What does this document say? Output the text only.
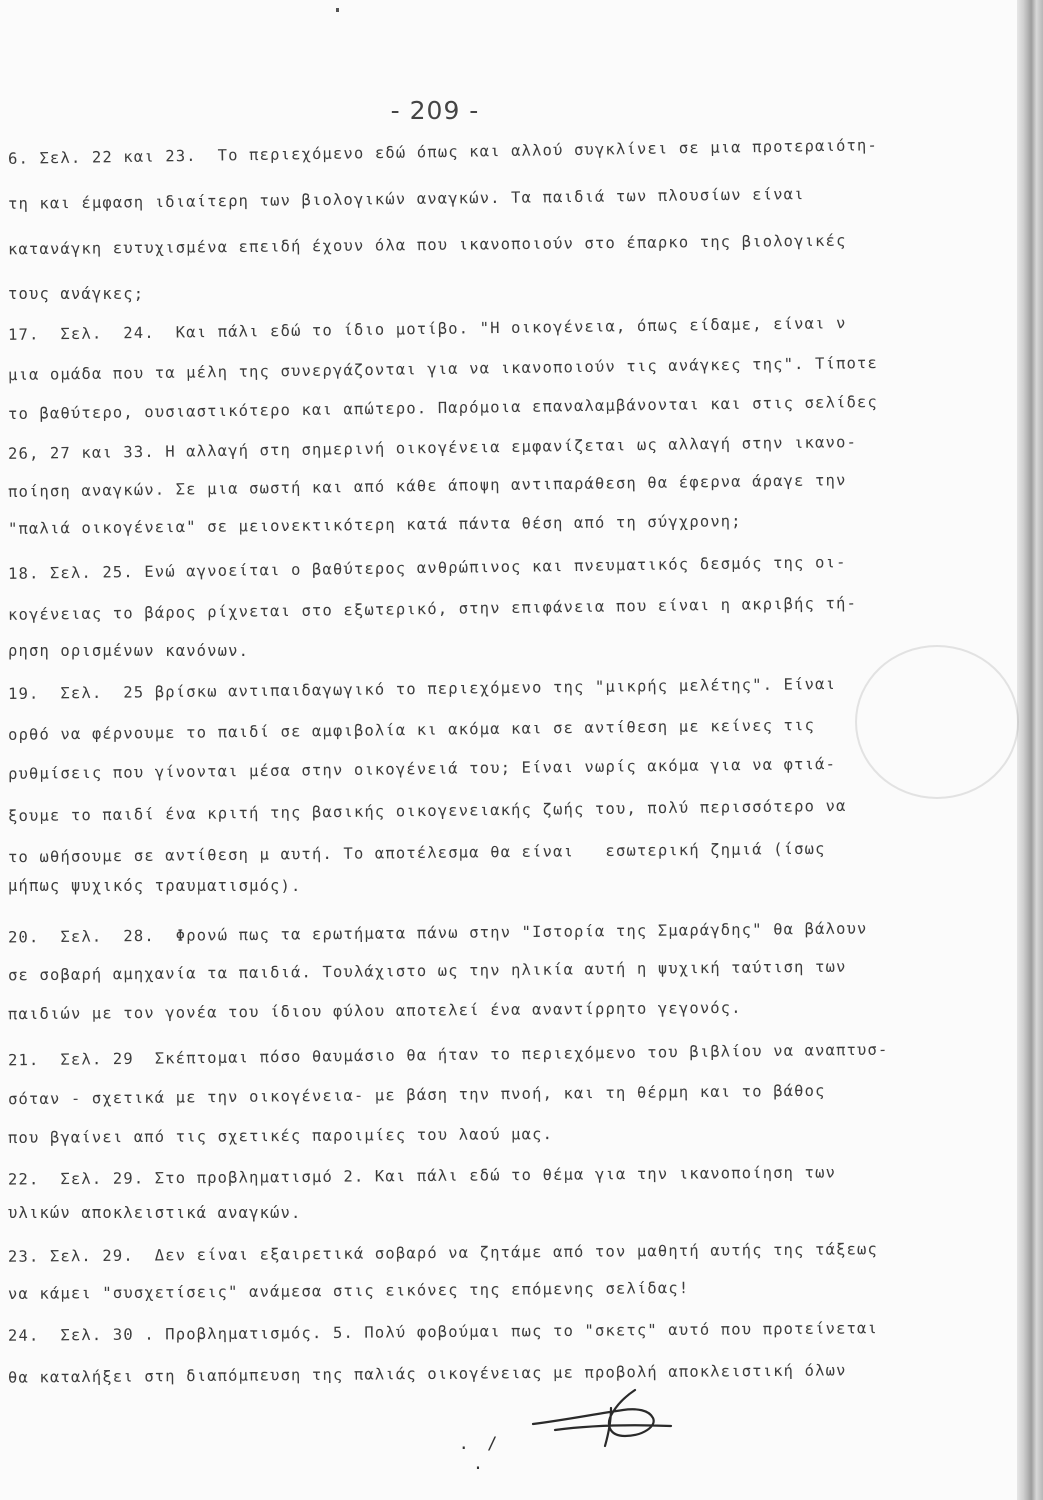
- 209 -
6. Σελ. 22 και 23.  Το περιεχόμενο εδώ όπως και αλλού συγκλίνει σε μια προτεραιότη-
τη και έμφαση ιδιαίτερη των βιολογικών αναγκών. Τα παιδιά των πλουσίων είναι
κατανάγκη ευτυχισμένα επειδή έχουν όλα που ικανοποιούν στο έπαρκο της βιολογικές
τους ανάγκες;
17.  Σελ.  24.  Και πάλι εδώ το ίδιο μοτίβο. "Η οικογένεια, όπως είδαμε, είναι ν
μια ομάδα που τα μέλη της συνεργάζονται για να ικανοποιούν τις ανάγκες της". Τίποτε
το βαθύτερο, ουσιαστικότερο και απώτερο. Παρόμοια επαναλαμβάνονται και στις σελίδες
26, 27 και 33. Η αλλαγή στη σημερινή οικογένεια εμφανίζεται ως αλλαγή στην ικανο-
ποίηση αναγκών. Σε μια σωστή και από κάθε άποψη αντιπαράθεση θα έφερνα άραγε την
"παλιά οικογένεια" σε μειονεκτικότερη κατά πάντα θέση από τη σύγχρονη;
18. Σελ. 25. Ενώ αγνοείται ο βαθύτερος ανθρώπινος και πνευματικός δεσμός της οι-
κογένειας το βάρος ρίχνεται στο εξωτερικό, στην επιφάνεια που είναι η ακριβής τή-
ρηση ορισμένων κανόνων.
19.  Σελ.  25 βρίσκω αντιπαιδαγωγικό το περιεχόμενο της "μικρής μελέτης". Είναι
ορθό να φέρνουμε το παιδί σε αμφιβολία κι ακόμα και σε αντίθεση με κείνες τις
ρυθμίσεις που γίνονται μέσα στην οικογένειά του; Είναι νωρίς ακόμα για να φτιά-
ξουμε το παιδί ένα κριτή της βασικής οικογενειακής ζωής του, πολύ περισσότερο να
το ωθήσουμε σε αντίθεση μ αυτή. Το αποτέλεσμα θα είναι   εσωτερική ζημιά (ίσως
μήπως ψυχικός τραυματισμός).
20.  Σελ.  28.  Φρονώ πως τα ερωτήματα πάνω στην "Ιστορία της Σμαράγδης" θα βάλουν
σε σοβαρή αμηχανία τα παιδιά. Τουλάχιστο ως την ηλικία αυτή η ψυχική ταύτιση των
παιδιών με τον γονέα του ίδιου φύλου αποτελεί ένα αναντίρρητο γεγονός.
21.  Σελ. 29  Σκέπτομαι πόσο θαυμάσιο θα ήταν το περιεχόμενο του βιβλίου να αναπτυσ-
σόταν - σχετικά με την οικογένεια- με βάση την πνοή, και τη θέρμη και το βάθος
που βγαίνει από τις σχετικές παροιμίες του λαού μας.
22.  Σελ. 29. Στο προβληματισμό 2. Και πάλι εδώ το θέμα για την ικανοποίηση των
υλικών αποκλειστικά αναγκών.
23. Σελ. 29.  Δεν είναι εξαιρετικά σοβαρό να ζητάμε από τον μαθητή αυτής της τάξεως
να κάμει "συσχετίσεις" ανάμεσα στις εικόνες της επόμενης σελίδας!
24.  Σελ. 30 . Προβληματισμός. 5. Πολύ φοβούμαι πως το "σκετς" αυτό που προτείνεται
θα καταλήξει στη διαπόμπευση της παλιάς οικογένειας με προβολή αποκλειστική όλων
. / .
